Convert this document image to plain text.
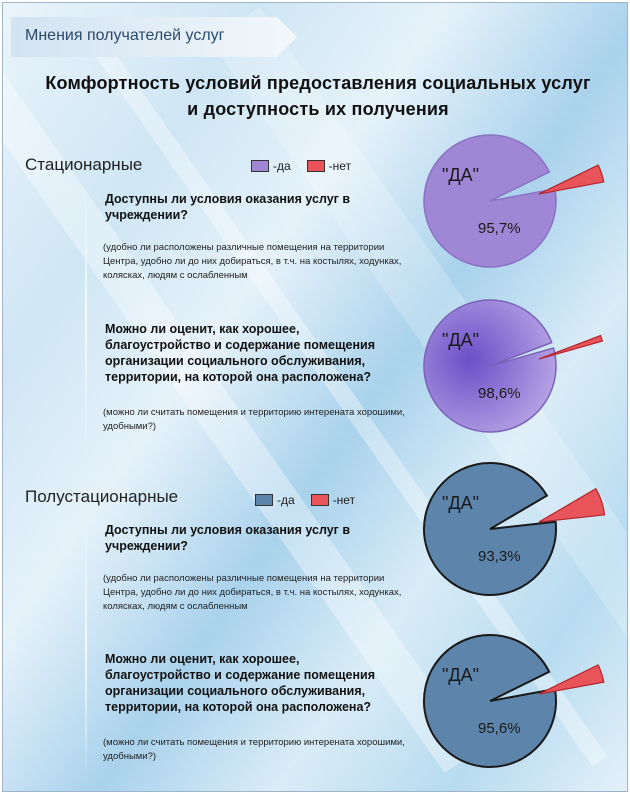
Мнения получателей услуг
Комфортность условий предоставления социальных услуг
и доступность их получения
Стационарные	-да	-нет
Доступны ли условия оказания услуг в учреждении?
(удобно ли расположены различные помещения на территории Центра, удобно ли до них добираться, в т.ч. на костылях, ходунках, колясках, людям с ослабленным
Можно ли оценит, как хорошее, благоустройство и содержание помещения организации социального обслуживания, территории, на которой она расположена?
(можно ли считать помещения и территорию интерената хорошими, удобными?)
Полустационарные	-да	-нет
Доступны ли условия оказания услуг в учреждении?
(удобно ли расположены различные помещения на территории Центра, удобно ли до них добираться, в т.ч. на костылях, ходунках, колясках, людям с ослабленным
Можно ли оценит, как хорошее, благоустройство и содержание помещения организации социального обслуживания, территории, на которой она расположена?
(можно ли считать помещения и территорию интерената хорошими, удобными?)
"ДА"
95,7%
"ДА"
98,6%
"ДА"
93,3%
"ДА"
95,6%
